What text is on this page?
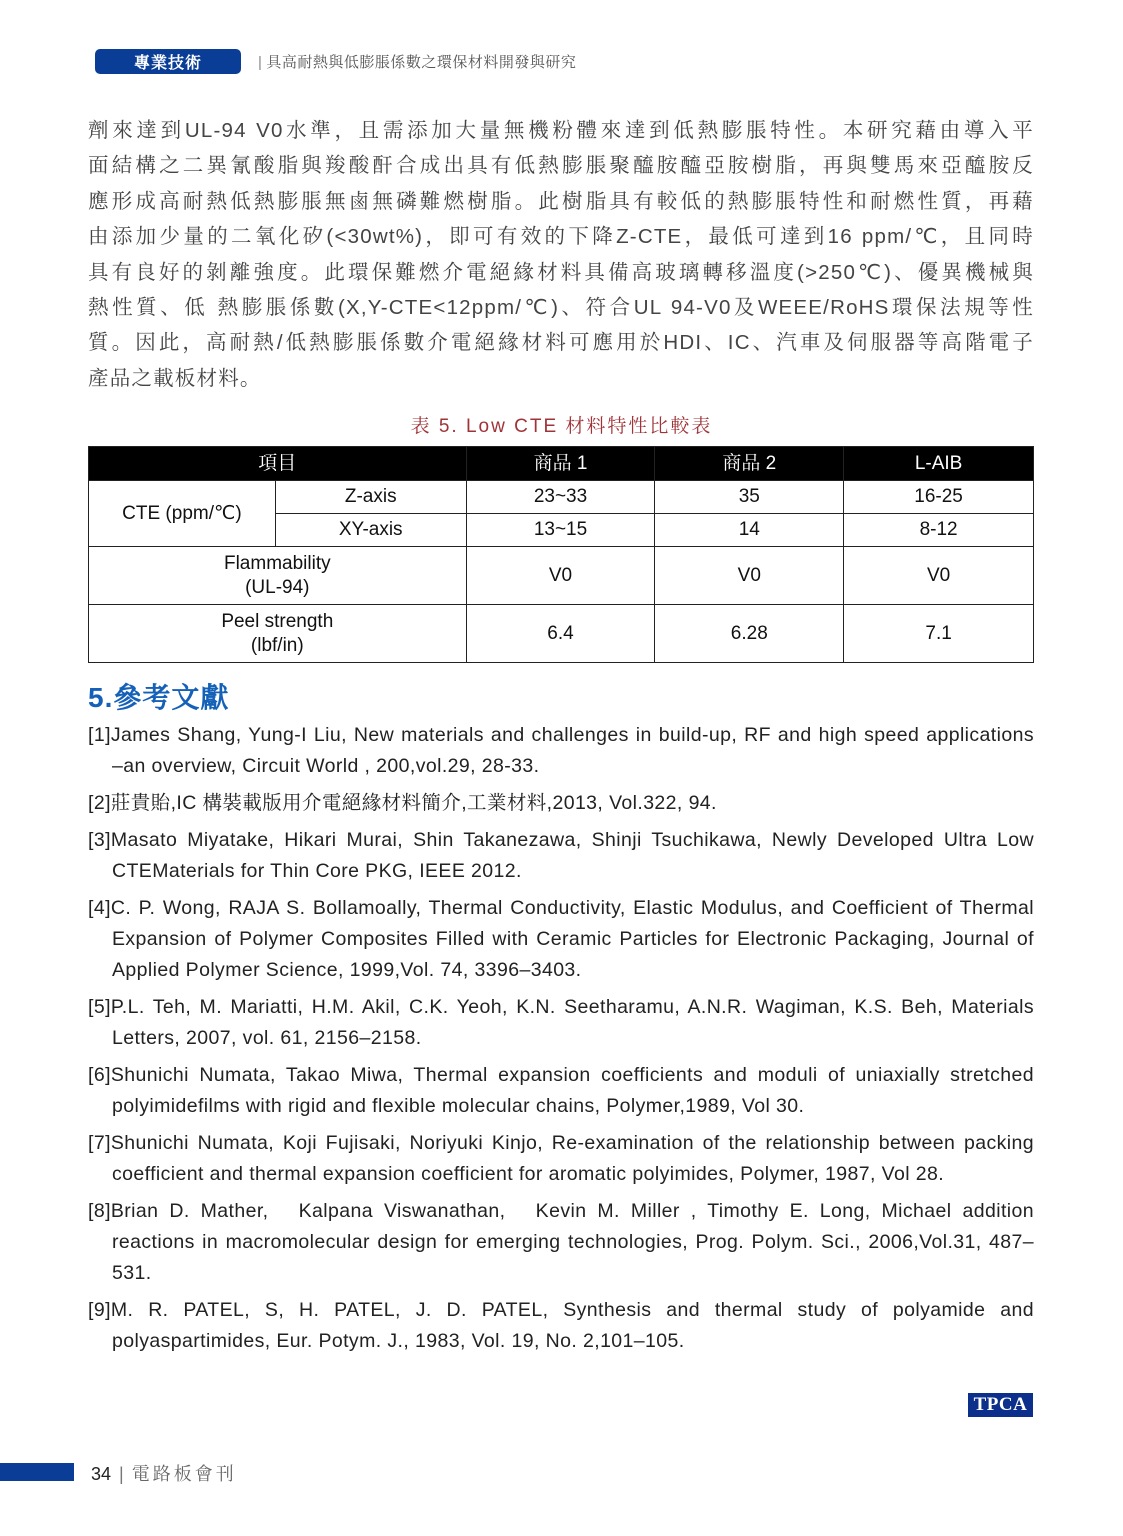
專業技術	| 具高耐熱與低膨脹係數之環保材料開發與研究
劑來達到UL-94 V0水準，且需添加大量無機粉體來達到低熱膨脹特性。本研究藉由導入平
面結構之二異氰酸脂與羧酸酐合成出具有低熱膨脹聚醯胺醯亞胺樹脂，再與雙馬來亞醯胺反
應形成高耐熱低熱膨脹無鹵無磷難燃樹脂。此樹脂具有較低的熱膨脹特性和耐燃性質，再藉
由添加少量的二氧化矽(<30wt%)，即可有效的下降Z-CTE，最低可達到16 ppm/℃，且同時
具有良好的剝離強度。此環保難燃介電絕緣材料具備高玻璃轉移溫度(>250℃)、優異機械與
熱性質、低 熱膨脹係數(X,Y-CTE<12ppm/℃)、符合UL 94-V0及WEEE/RoHS環保法規等性
質。因此，高耐熱/低熱膨脹係數介電絕緣材料可應用於HDI、IC、汽車及伺服器等高階電子
產品之載板材料。
表 5. Low CTE 材料特性比較表
項目		商品 1	商品 2	L-AIB
CTE (ppm/℃)	Z-axis	23~33	35	16-25
	XY-axis	13~15	14	8-12

Flammability
(UL-94)		V0	V0	V0

Peel strength
(lbf/in)		6.4	6.28	7.1
5.參考文獻
[1]James Shang, Yung-I Liu, New materials and challenges in build-up, RF and high speed applications –an overview, Circuit World , 200,vol.29, 28-33.
[2]莊貴貽,IC 構裝載版用介電絕緣材料簡介,工業材料,2013, Vol.322, 94.
[3]Masato Miyatake, Hikari Murai, Shin Takanezawa, Shinji Tsuchikawa, Newly Developed Ultra Low CTEMaterials for Thin Core PKG, IEEE 2012.
[4]C. P. Wong, RAJA S. Bollamoally, Thermal Conductivity, Elastic Modulus, and Coefficient of Thermal Expansion of Polymer Composites Filled with Ceramic Particles for Electronic Packaging, Journal of Applied Polymer Science, 1999,Vol. 74, 3396–3403.
[5]P.L. Teh, M. Mariatti, H.M. Akil, C.K. Yeoh, K.N. Seetharamu, A.N.R. Wagiman, K.S. Beh, Materials Letters, 2007, vol. 61, 2156–2158.
[6]Shunichi Numata, Takao Miwa, Thermal expansion coefficients and moduli of uniaxially stretched polyimidefilms with rigid and flexible molecular chains, Polymer,1989, Vol 30.
[7]Shunichi Numata, Koji Fujisaki, Noriyuki Kinjo, Re-examination of the relationship between packing coefficient and thermal expansion coefficient for aromatic polyimides, Polymer, 1987, Vol 28.
[8]Brian D. Mather,　Kalpana Viswanathan,　Kevin M. Miller , Timothy E. Long, Michael addition reactions in macromolecular design for emerging technologies, Prog. Polym. Sci., 2006,Vol.31, 487–531.
[9]M. R. PATEL, S, H. PATEL, J. D. PATEL, Synthesis and thermal study of polyamide and polyaspartimides, Eur. Potym. J., 1983, Vol. 19, No. 2,101–105.
TPCA
34 | 電路板會刊
